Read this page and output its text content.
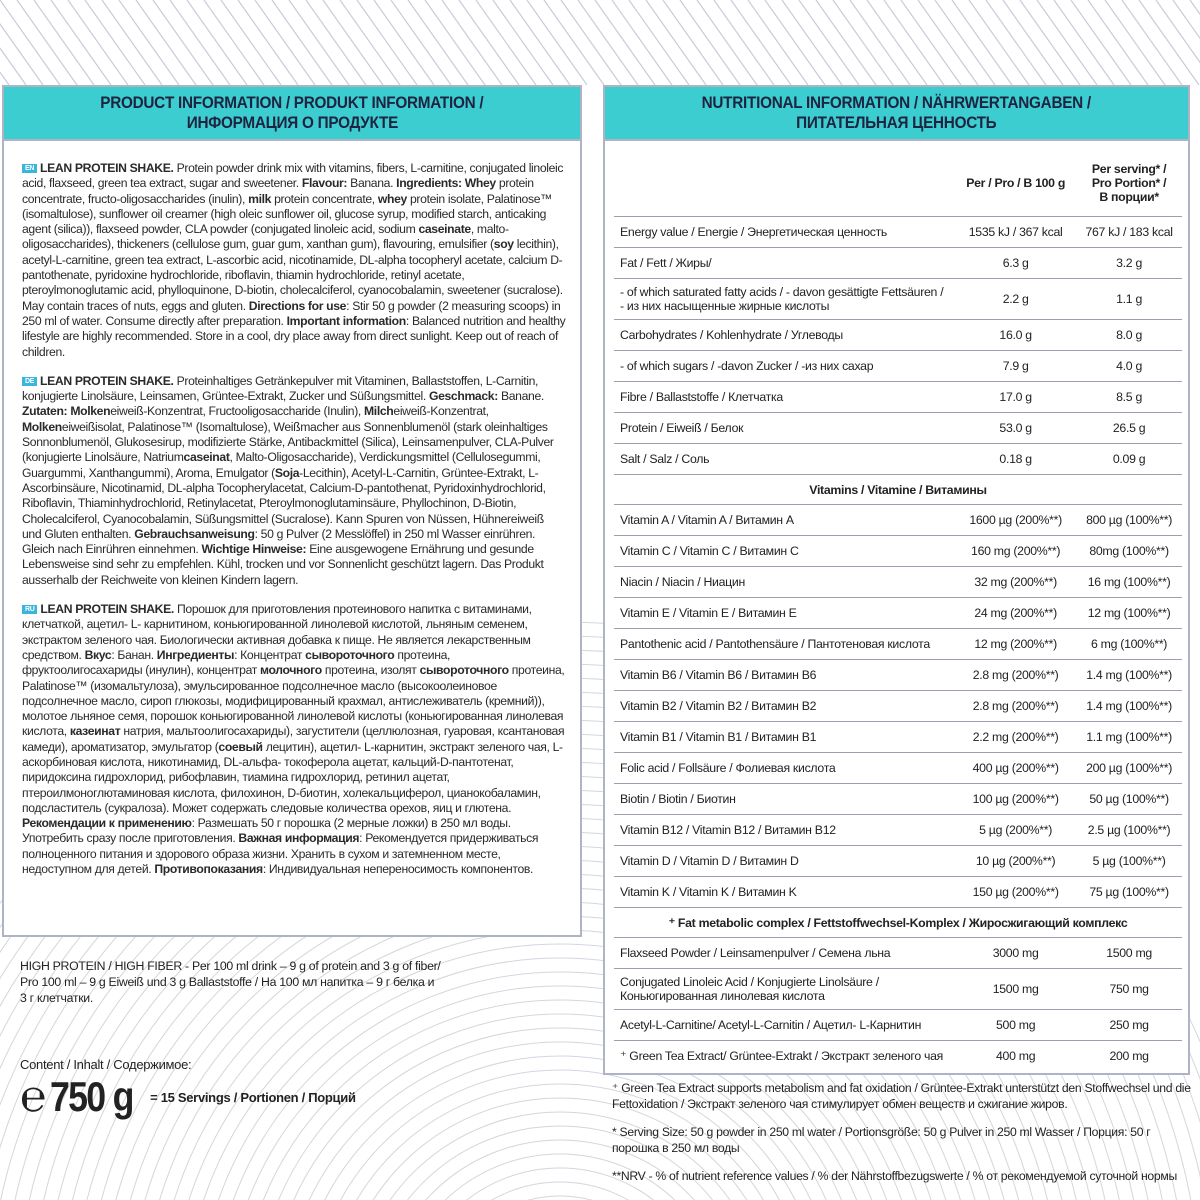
PRODUCT INFORMATION / PRODUKT INFORMATION /
ИНФОРМАЦИЯ О ПРОДУКТЕ
EN LEAN PROTEIN SHAKE. Protein powder drink mix with vitamins, fibers, L-carnitine, conjugated linoleic acid, flaxseed, green tea extract, sugar and sweetener. Flavour: Banana. Ingredients: Whey protein concentrate, fructo-oligosaccharides (inulin), milk protein concentrate, whey protein isolate, Palatinose™ (isomaltulose), sunflower oil creamer (high oleic sunflower oil, glucose syrup, modified starch, anticaking agent (silica)), flaxseed powder, CLA powder (conjugated linoleic acid, sodium caseinate, malto-oligosaccharides), thickeners (cellulose gum, guar gum, xanthan gum), flavouring, emulsifier (soy lecithin), acetyl-L-carnitine, green tea extract, L-ascorbic acid, nicotinamide, DL-alpha tocopheryl acetate, calcium D-pantothenate, pyridoxine hydrochloride, riboflavin, thiamin hydrochloride, retinyl acetate, pteroylmonoglutamic acid, phylloquinone, D-biotin, cholecalciferol, cyanocobalamin, sweetener (sucralose). May contain traces of nuts, eggs and gluten. Directions for use: Stir 50 g powder (2 measuring scoops) in 250 ml of water. Consume directly after preparation. Important information: Balanced nutrition and healthy lifestyle are highly recommended. Store in a cool, dry place away from direct sunlight. Keep out of reach of children.
DE LEAN PROTEIN SHAKE. Proteinhaltiges Getränkepulver mit Vitaminen, Ballaststoffen, L-Carnitin, konjugierte Linolsäure, Leinsamen, Grüntee-Extrakt, Zucker und Süßungsmittel. Geschmack: Banane. Zutaten: Molkeneiweiß-Konzentrat, Fructooligosaccharide (Inulin), Milcheiweiß-Konzentrat, Molkeneiweißisolat, Palatinose™ (Isomaltulose), Weißmacher aus Sonnenblumenöl (stark oleinhaltiges Sonnonblumenöl, Glukosesirup, modifizierte Stärke, Antibackmittel (Silica), Leinsamenpulver, CLA-Pulver (konjugierte Linolsäure, Natriumcaseinat, Malto-Oligosaccharide), Verdickungsmittel (Cellulosegummi, Guargummi, Xanthangummi), Aroma, Emulgator (Soja-Lecithin), Acetyl-L-Carnitin, Grüntee-Extrakt, L-Ascorbinsäure, Nicotinamid, DL-alpha Tocopherylacetat, Calcium-D-pantothenat, Pyridoxinhydrochlorid, Riboflavin, Thiaminhydrochlorid, Retinylacetat, Pteroylmonoglutaminsäure, Phyllochinon, D-Biotin, Cholecalciferol, Cyanocobalamin, Süßungsmittel (Sucralose). Kann Spuren von Nüssen, Hühnereiweiß und Gluten enthalten. Gebrauchsanweisung: 50 g Pulver (2 Messlöffel) in 250 ml Wasser einrühren. Gleich nach Einrühren einnehmen. Wichtige Hinweise: Eine ausgewogene Ernährung und gesunde Lebensweise sind sehr zu empfehlen. Kühl, trocken und vor Sonnenlicht geschützt lagern. Das Produkt ausserhalb der Reichweite von kleinen Kindern lagern.
RU LEAN PROTEIN SHAKE. Порошок для приготовления протеинового напитка с витаминами, клетчаткой, ацетил- L- карнитином, коньюгированной линолевой кислотой, льняным семенем, экстрактом зеленого чая. Биологически активная добавка к пище. Не является лекарственным средством. Вкус: Банан. Ингредиенты: Концентрат сывороточного протеина, фруктоолигосахариды (инулин), концентрат молочного протеина, изолят сывороточного протеина, Palatinose™ (изомальтулоза), эмульсированное подсолнечное масло (высокоолеиновое подсолнечное масло, сироп глюкозы, модифицированный крахмал, антислеживатель (кремний)), молотое льняное семя, порошок коньюгированной линолевой кислоты (коньюгированная линолевая кислота, казеинат натрия, мальтоолигосахариды), загустители (целлюлозная, гуаровая, ксантановая камеди), ароматизатор, эмульгатор (соевый лецитин), ацетил- L-карнитин, экстракт зеленого чая, L-аскорбиновая кислота, никотинамид, DL-альфа- токоферола ацетат, кальций-D-пантотенат, пиридоксина гидрохлорид, рибофлавин, тиамина гидрохлорид, ретинил ацетат, птероилмоноглютаминовая кислота, филохинон, D-биотин, холекальциферол, цианокобаламин, подсластитель (сукралоза). Может содержать следовые количества орехов, яиц и глютена. Рекомендации к применению: Размешать 50 г порошка (2 мерные ложки) в 250 мл воды. Употребить сразу после приготовления. Важная информация: Рекомендуется придерживаться полноценного питания и здорового образа жизни. Хранить в сухом и затемненном месте, недоступном для детей. Противопоказания: Индивидуальная непереносимость компонентов.
HIGH PROTEIN / HIGH FIBER - Per 100 ml drink – 9 g of protein and 3 g of fiber/
Pro 100 ml – 9 g Eiweiß und 3 g Ballaststoffe / На 100 мл напитка – 9 г белка и
3 г клетчатки.
Content / Inhalt / Содержимое:
℮ 750 g = 15 Servings / Portionen / Порций
NUTRITIONAL INFORMATION / NÄHRWERTANGABEN /
ПИТАТЕЛЬНАЯ ЦЕННОСТЬ
	Per / Pro / В 100 g	Per serving* /
Pro Portion* /
В порции*

Energy value / Energie / Энергетическая ценность	1535 kJ / 367 kcal	767 kJ / 183 kcal
Fat / Fett / Жиры/	6.3 g	3.2 g
- of which saturated fatty acids / - davon gesättigte Fettsäuren / - из них насыщенные жирные кислоты	2.2 g	1.1 g
Carbohydrates / Kohlenhydrate / Углеводы	16.0 g	8.0 g
- of which sugars / -davon Zucker / -из них сахар	7.9 g	4.0 g
Fibre / Ballaststoffe / Клетчатка	17.0 g	8.5 g
Protein / Eiweiß / Белок	53.0 g	26.5 g
Salt / Salz / Соль	0.18 g	0.09 g
Vitamins / Vitamine / Витамины		
Vitamin A / Vitamin A / Витамин A	1600 µg (200%**)	800 µg (100%**)
Vitamin C / Vitamin C / Витамин C	160 mg (200%**)	80mg (100%**)
Niacin / Niacin / Ниацин	32 mg (200%**)	16 mg (100%**)
Vitamin E / Vitamin E / Витамин E	24 mg (200%**)	12 mg (100%**)
Pantothenic acid / Pantothensäure / Пантотеновая кислота	12 mg (200%**)	6 mg (100%**)
Vitamin B6 / Vitamin B6 / Витамин B6	2.8 mg (200%**)	1.4 mg (100%**)
Vitamin B2 / Vitamin B2 / Витамин B2	2.8 mg (200%**)	1.4 mg (100%**)
Vitamin B1 / Vitamin B1 / Витамин B1	2.2 mg (200%**)	1.1 mg (100%**)
Folic acid / Follsäure / Фолиевая кислота	400 µg (200%**)	200 µg (100%**)
Biotin / Biotin / Биотин	100 µg (200%**)	50 µg (100%**)
Vitamin B12 / Vitamin B12 / Витамин B12	5 µg (200%**)	2.5 µg (100%**)
Vitamin D / Vitamin D / Витамин D	10 µg (200%**)	5 µg (100%**)
Vitamin K / Vitamin K / Витамин K	150 µg (200%**)	75 µg (100%**)
⁺ Fat metabolic complex / Fettstoffwechsel-Komplex / Жиросжигающий комплекс		
Flaxseed Powder / Leinsamenpulver / Семена льна	3000 mg	1500 mg
Conjugated Linoleic Acid / Konjugierte Linolsäure / Коньюгированная линолевая кислота	1500 mg	750 mg
Acetyl-L-Carnitine/ Acetyl-L-Carnitin / Ацетил- L-Карнитин	500 mg	250 mg
⁺ Green Tea Extract/ Grüntee-Extrakt / Экстракт зеленого чая	400 mg	200 mg
⁺ Green Tea Extract supports metabolism and fat oxidation / Grüntee-Extrakt unterstützt den Stoffwechsel und die Fettoxidation / Экстракт зеленого чая стимулирует обмен веществ и сжигание жиров.
* Serving Size: 50 g powder in 250 ml water / Portionsgröße: 50 g Pulver in 250 ml Wasser / Порция: 50 г порошка в 250 мл воды
**NRV - % of nutrient reference values / % der Nährstoffbezugswerte / % от рекомендуемой суточной нормы
